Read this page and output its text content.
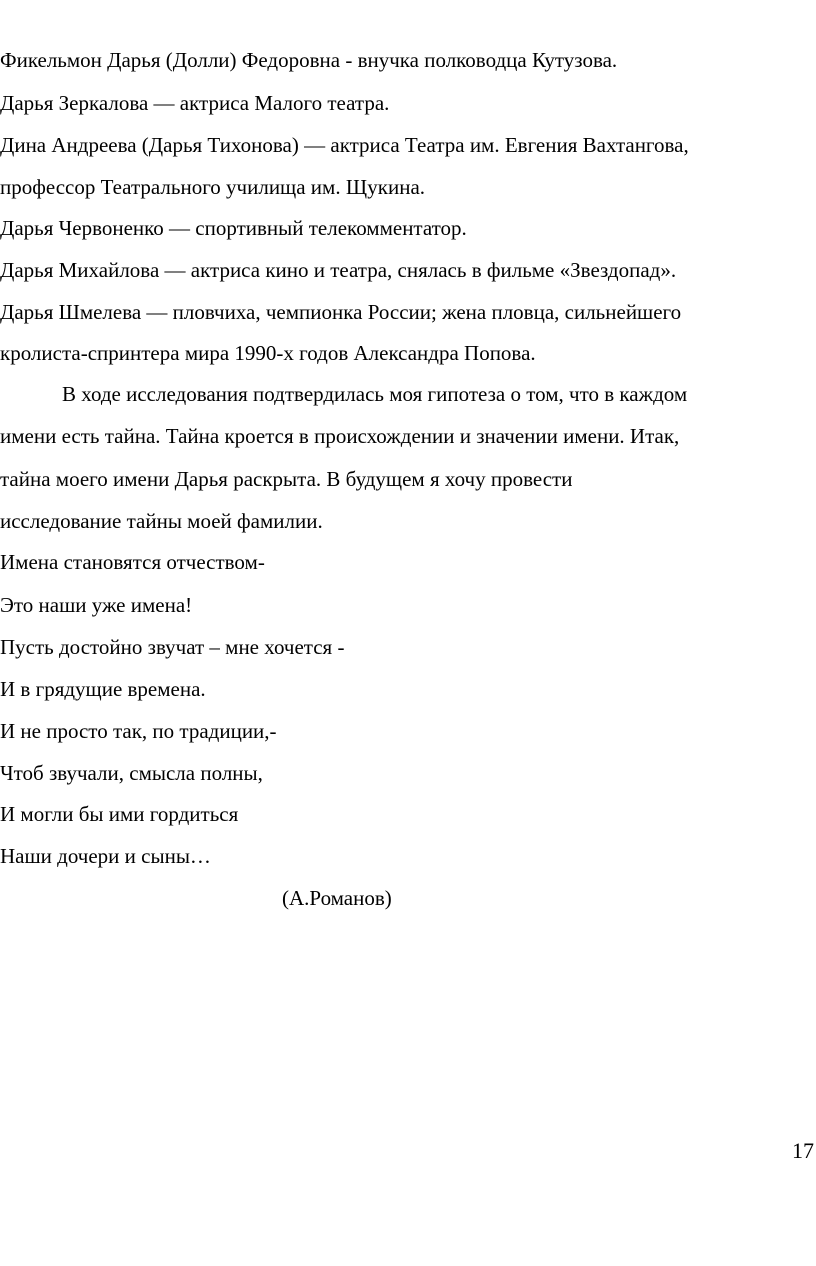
Фикельмон Дарья (Долли) Федоровна - внучка полководца Кутузова.
Дарья Зеркалова — актриса Малого театра.
Дина Андреева (Дарья Тихонова) — актриса Театра им. Евгения Вахтангова,
профессор Театрального училища им. Щукина.
Дарья Червоненко — спортивный телекомментатор.
Дарья Михайлова — актриса кино и театра, снялась в фильме «Звездопад».
Дарья Шмелева — пловчиха, чемпионка России; жена пловца, сильнейшего
кролиста-спринтера мира 1990-х годов Александра Попова.
В ходе исследования подтвердилась моя гипотеза о том, что в каждом
имени есть тайна. Тайна кроется в происхождении и значении имени. Итак,
тайна моего имени Дарья раскрыта. В будущем я хочу провести
исследование тайны моей фамилии.
Имена становятся отчеством-
Это наши уже имена!
Пусть достойно звучат – мне хочется -
И в грядущие времена.
И не просто так, по традиции,-
Чтоб звучали, смысла полны,
И могли бы ими гордиться
Наши дочери и сыны…
(А.Романов)
17
